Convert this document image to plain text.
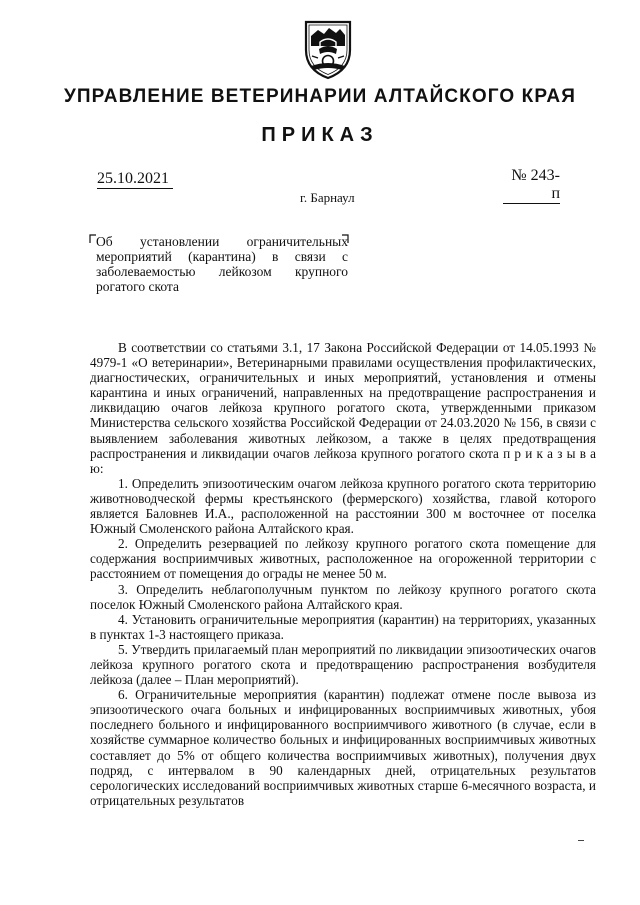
УПРАВЛЕНИЕ ВЕТЕРИНАРИИ АЛТАЙСКОГО КРАЯ
ПРИКАЗ
25.10.2021	№ 243-п
г. Барнаул
Об установлении ограничительных мероприятий (карантина) в связи с заболеваемостью лейкозом крупного рогатого скота

В соответствии со статьями 3.1, 17 Закона Российской Федерации от 14.05.1993 № 4979-1 «О ветеринарии», Ветеринарными правилами осуществления профилактических, диагностических, ограничительных и иных мероприятий, установления и отмены карантина и иных ограничений, направленных на предотвращение распространения и ликвидацию очагов лейкоза крупного рогатого скота, утвержденными приказом Министерства сельского хозяйства Российской Федерации от 24.03.2020 № 156, в связи с выявлением заболевания животных лейкозом, а также в целях предотвращения распространения и ликвидации очагов лейкоза крупного рогатого скота п р и к а з ы в а ю:

1. Определить эпизоотическим очагом лейкоза крупного рогатого скота территорию животноводческой фермы крестьянского (фермерского) хозяйства, главой которого является Баловнев И.А., расположенной на расстоянии 300 м восточнее от поселка Южный Смоленского района Алтайского края.

2. Определить резервацией по лейкозу крупного рогатого скота помещение для содержания восприимчивых животных, расположенное на огороженной территории с расстоянием от помещения до ограды не менее 50 м.

3. Определить неблагополучным пунктом по лейкозу крупного рогатого скота поселок Южный Смоленского района Алтайского края.

4. Установить ограничительные мероприятия (карантин) на территориях, указанных в пунктах 1-3 настоящего приказа.

5. Утвердить прилагаемый план мероприятий по ликвидации эпизоотических очагов лейкоза крупного рогатого скота и предотвращению распространения возбудителя лейкоза (далее – План мероприятий).

6. Ограничительные мероприятия (карантин) подлежат отмене после вывоза из эпизоотического очага больных и инфицированных восприимчивых животных, убоя последнего больного и инфицированного восприимчивого животного (в случае, если в хозяйстве суммарное количество больных и инфицированных восприимчивых животных составляет до 5% от общего количества восприимчивых животных), получения двух подряд, с интервалом в 90 календарных дней, отрицательных результатов серологических исследований восприимчивых животных старше 6-месячного возраста, и отрицательных результатов
